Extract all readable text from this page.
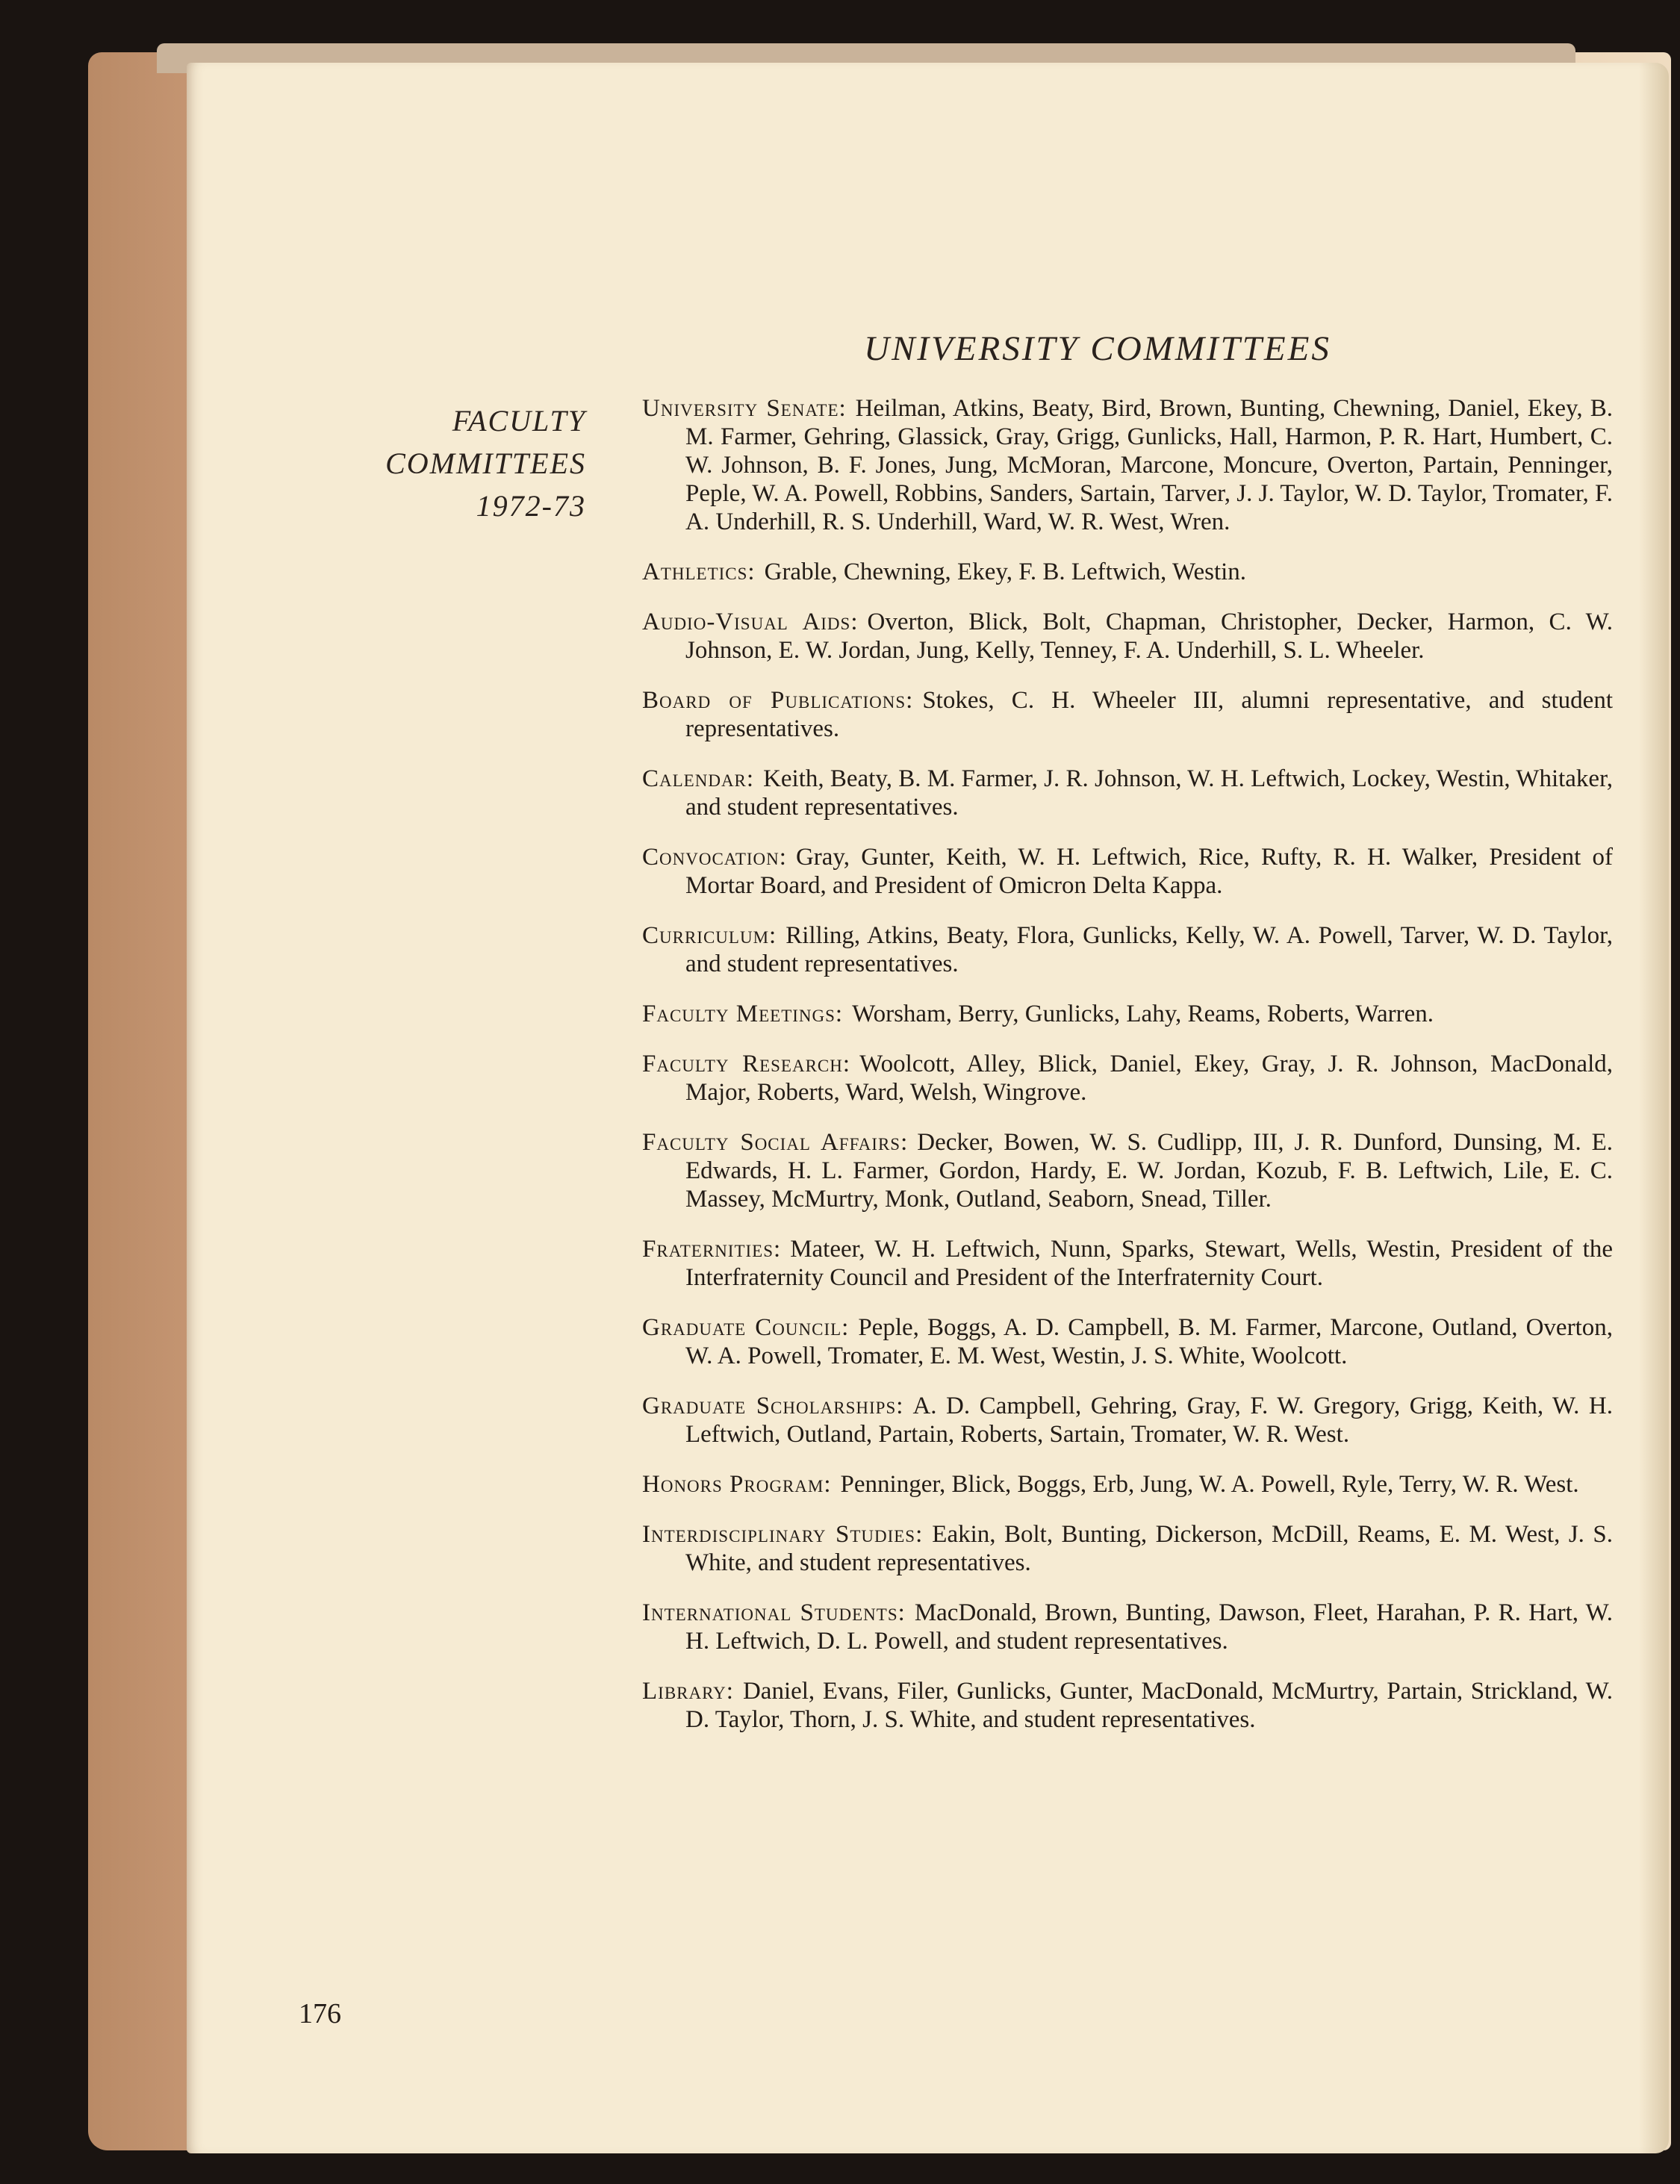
UNIVERSITY COMMITTEES
FACULTY
COMMITTEES
1972-73

University Senate: Heilman, Atkins, Beaty, Bird, Brown, Bunting, Chewning, Daniel, Ekey, B. M. Farmer, Gehring, Glassick, Gray, Grigg, Gunlicks, Hall, Harmon, P. R. Hart, Humbert, C. W. Johnson, B. F. Jones, Jung, McMoran, Marcone, Moncure, Overton, Partain, Penninger, Peple, W. A. Powell, Robbins, Sanders, Sartain, Tarver, J. J. Taylor, W. D. Taylor, Tromater, F. A. Underhill, R. S. Underhill, Ward, W. R. West, Wren.

Athletics: Grable, Chewning, Ekey, F. B. Leftwich, Westin.

Audio-Visual Aids: Overton, Blick, Bolt, Chapman, Christopher, Decker, Harmon, C. W. Johnson, E. W. Jordan, Jung, Kelly, Tenney, F. A. Underhill, S. L. Wheeler.

Board of Publications: Stokes, C. H. Wheeler III, alumni representative, and student representatives.

Calendar: Keith, Beaty, B. M. Farmer, J. R. Johnson, W. H. Leftwich, Lockey, Westin, Whitaker, and student representatives.

Convocation: Gray, Gunter, Keith, W. H. Leftwich, Rice, Rufty, R. H. Walker, President of Mortar Board, and President of Omicron Delta Kappa.

Curriculum: Rilling, Atkins, Beaty, Flora, Gunlicks, Kelly, W. A. Powell, Tarver, W. D. Taylor, and student representatives.

Faculty Meetings: Worsham, Berry, Gunlicks, Lahy, Reams, Roberts, Warren.

Faculty Research: Woolcott, Alley, Blick, Daniel, Ekey, Gray, J. R. Johnson, MacDonald, Major, Roberts, Ward, Welsh, Wingrove.

Faculty Social Affairs: Decker, Bowen, W. S. Cudlipp, III, J. R. Dunford, Dunsing, M. E. Edwards, H. L. Farmer, Gordon, Hardy, E. W. Jordan, Kozub, F. B. Leftwich, Lile, E. C. Massey, McMurtry, Monk, Outland, Seaborn, Snead, Tiller.

Fraternities: Mateer, W. H. Leftwich, Nunn, Sparks, Stewart, Wells, Westin, President of the Interfraternity Council and President of the Interfraternity Court.

Graduate Council: Peple, Boggs, A. D. Campbell, B. M. Farmer, Marcone, Outland, Overton, W. A. Powell, Tromater, E. M. West, Westin, J. S. White, Woolcott.

Graduate Scholarships: A. D. Campbell, Gehring, Gray, F. W. Gregory, Grigg, Keith, W. H. Leftwich, Outland, Partain, Roberts, Sartain, Tromater, W. R. West.

Honors Program: Penninger, Blick, Boggs, Erb, Jung, W. A. Powell, Ryle, Terry, W. R. West.

Interdisciplinary Studies: Eakin, Bolt, Bunting, Dickerson, McDill, Reams, E. M. West, J. S. White, and student representatives.

International Students: MacDonald, Brown, Bunting, Dawson, Fleet, Harahan, P. R. Hart, W. H. Leftwich, D. L. Powell, and student representatives.

Library: Daniel, Evans, Filer, Gunlicks, Gunter, MacDonald, McMurtry, Partain, Strickland, W. D. Taylor, Thorn, J. S. White, and student representatives.

176
